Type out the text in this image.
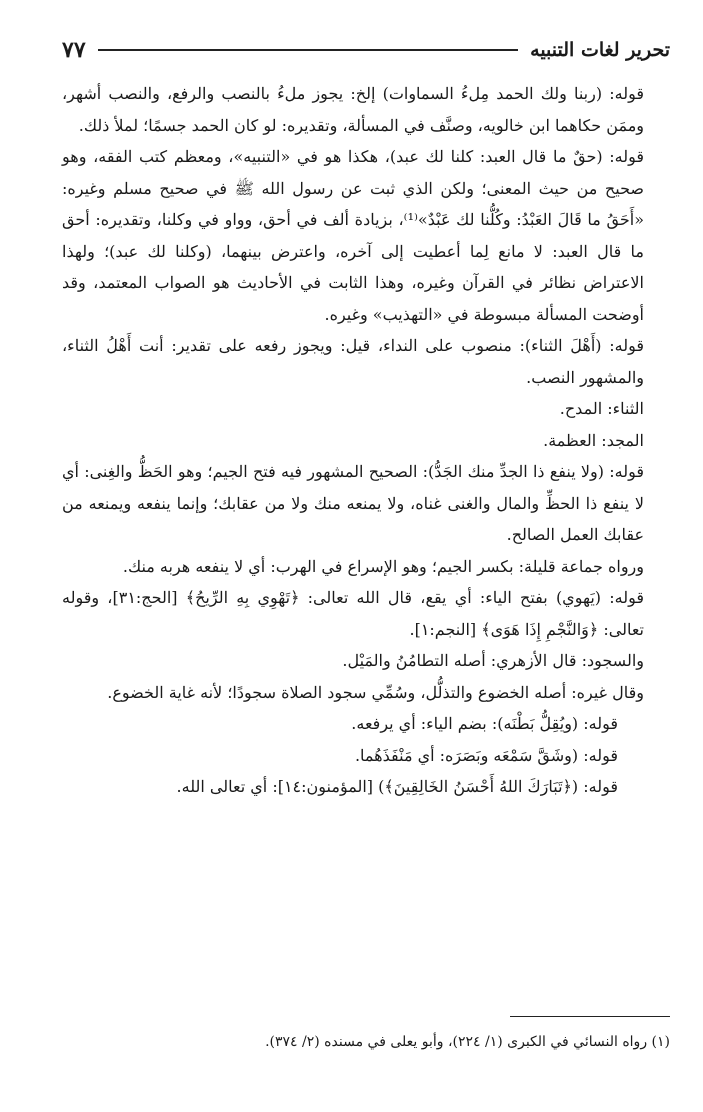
تحرير لغات التنبيه
٧٧

قوله: (ربنا ولك الحمد مِلءُ السماوات) إلخ: يجوز ملءُ بالنصب والرفع، والنصب أشهر، وممَن حكاهما ابن خالويه، وصنَّف في المسألة، وتقديره: لو كان الحمد جسمًا؛ لملأ ذلك.

قوله: (حقٌ ما قال العبد: كلنا لك عبد)، هكذا هو في «التنبيه»، ومعظم كتب الفقه، وهو صحيح من حيث المعنى؛ ولكن الذي ثبت عن رسول الله ﷺ في صحيح مسلم وغيره: «أَحَقُ ما قَالَ العَبْدُ: وكُلُّنا لك عَبْدٌ»⁽¹⁾، بزيادة ألف في أحق، وواو في وكلنا، وتقديره: أحق ما قال العبد: لا مانع لِما أعطيت إلى آخره، واعترض بينهما، (وكلنا لك عبد)؛ ولهذا الاعتراض نظائر في القرآن وغيره، وهذا الثابت في الأحاديث هو الصواب المعتمد، وقد أوضحت المسألة مبسوطة في «التهذيب» وغيره.

قوله: (أَهْلَ الثناء): منصوب على النداء، قيل: ويجوز رفعه على تقدير: أنت أَهْلُ الثناء، والمشهور النصب.

الثناء: المدح.

المجد: العظمة.

قوله: (ولا ينفع ذا الجدِّ منك الجَدُّ): الصحيح المشهور فيه فتح الجيم؛ وهو الحَظُّ والغِنى: أي لا ينفع ذا الحظِّ والمال والغنى غناه، ولا يمنعه منك ولا من عقابك؛ وإنما ينفعه ويمنعه من عقابك العمل الصالح.

ورواه جماعة قليلة: بكسر الجيم؛ وهو الإسراع في الهرب: أي لا ينفعه هربه منك.

قوله: (يَهوي) بفتح الياء: أي يقع، قال الله تعالى: ﴿تَهْوِي بِهِ الرِّيحُ﴾ [الحج:٣١]، وقوله تعالى: ﴿وَالنَّجْمِ إِذَا هَوَى﴾ [النجم:١].

والسجود: قال الأزهري: أصله التطامُنُ والمَيْل.

وقال غيره: أصله الخضوع والتذلُّل، وسُمِّي سجود الصلاة سجودًا؛ لأنه غاية الخضوع.

قوله: (ويُقِلُّ بَطْنَه): بضم الياء: أي يرفعه.

قوله: (وشَقَّ سَمْعَه وبَصَرَه: أي مَنْفَذَهُما.

قوله: (﴿تَبَارَكَ اللهُ أَحْسَنُ الخَالِقِينَ﴾) [المؤمنون:١٤]: أي تعالى الله.

(١) رواه النسائي في الكبرى (١/ ٢٢٤)، وأبو يعلى في مسنده (٢/ ٣٧٤).
